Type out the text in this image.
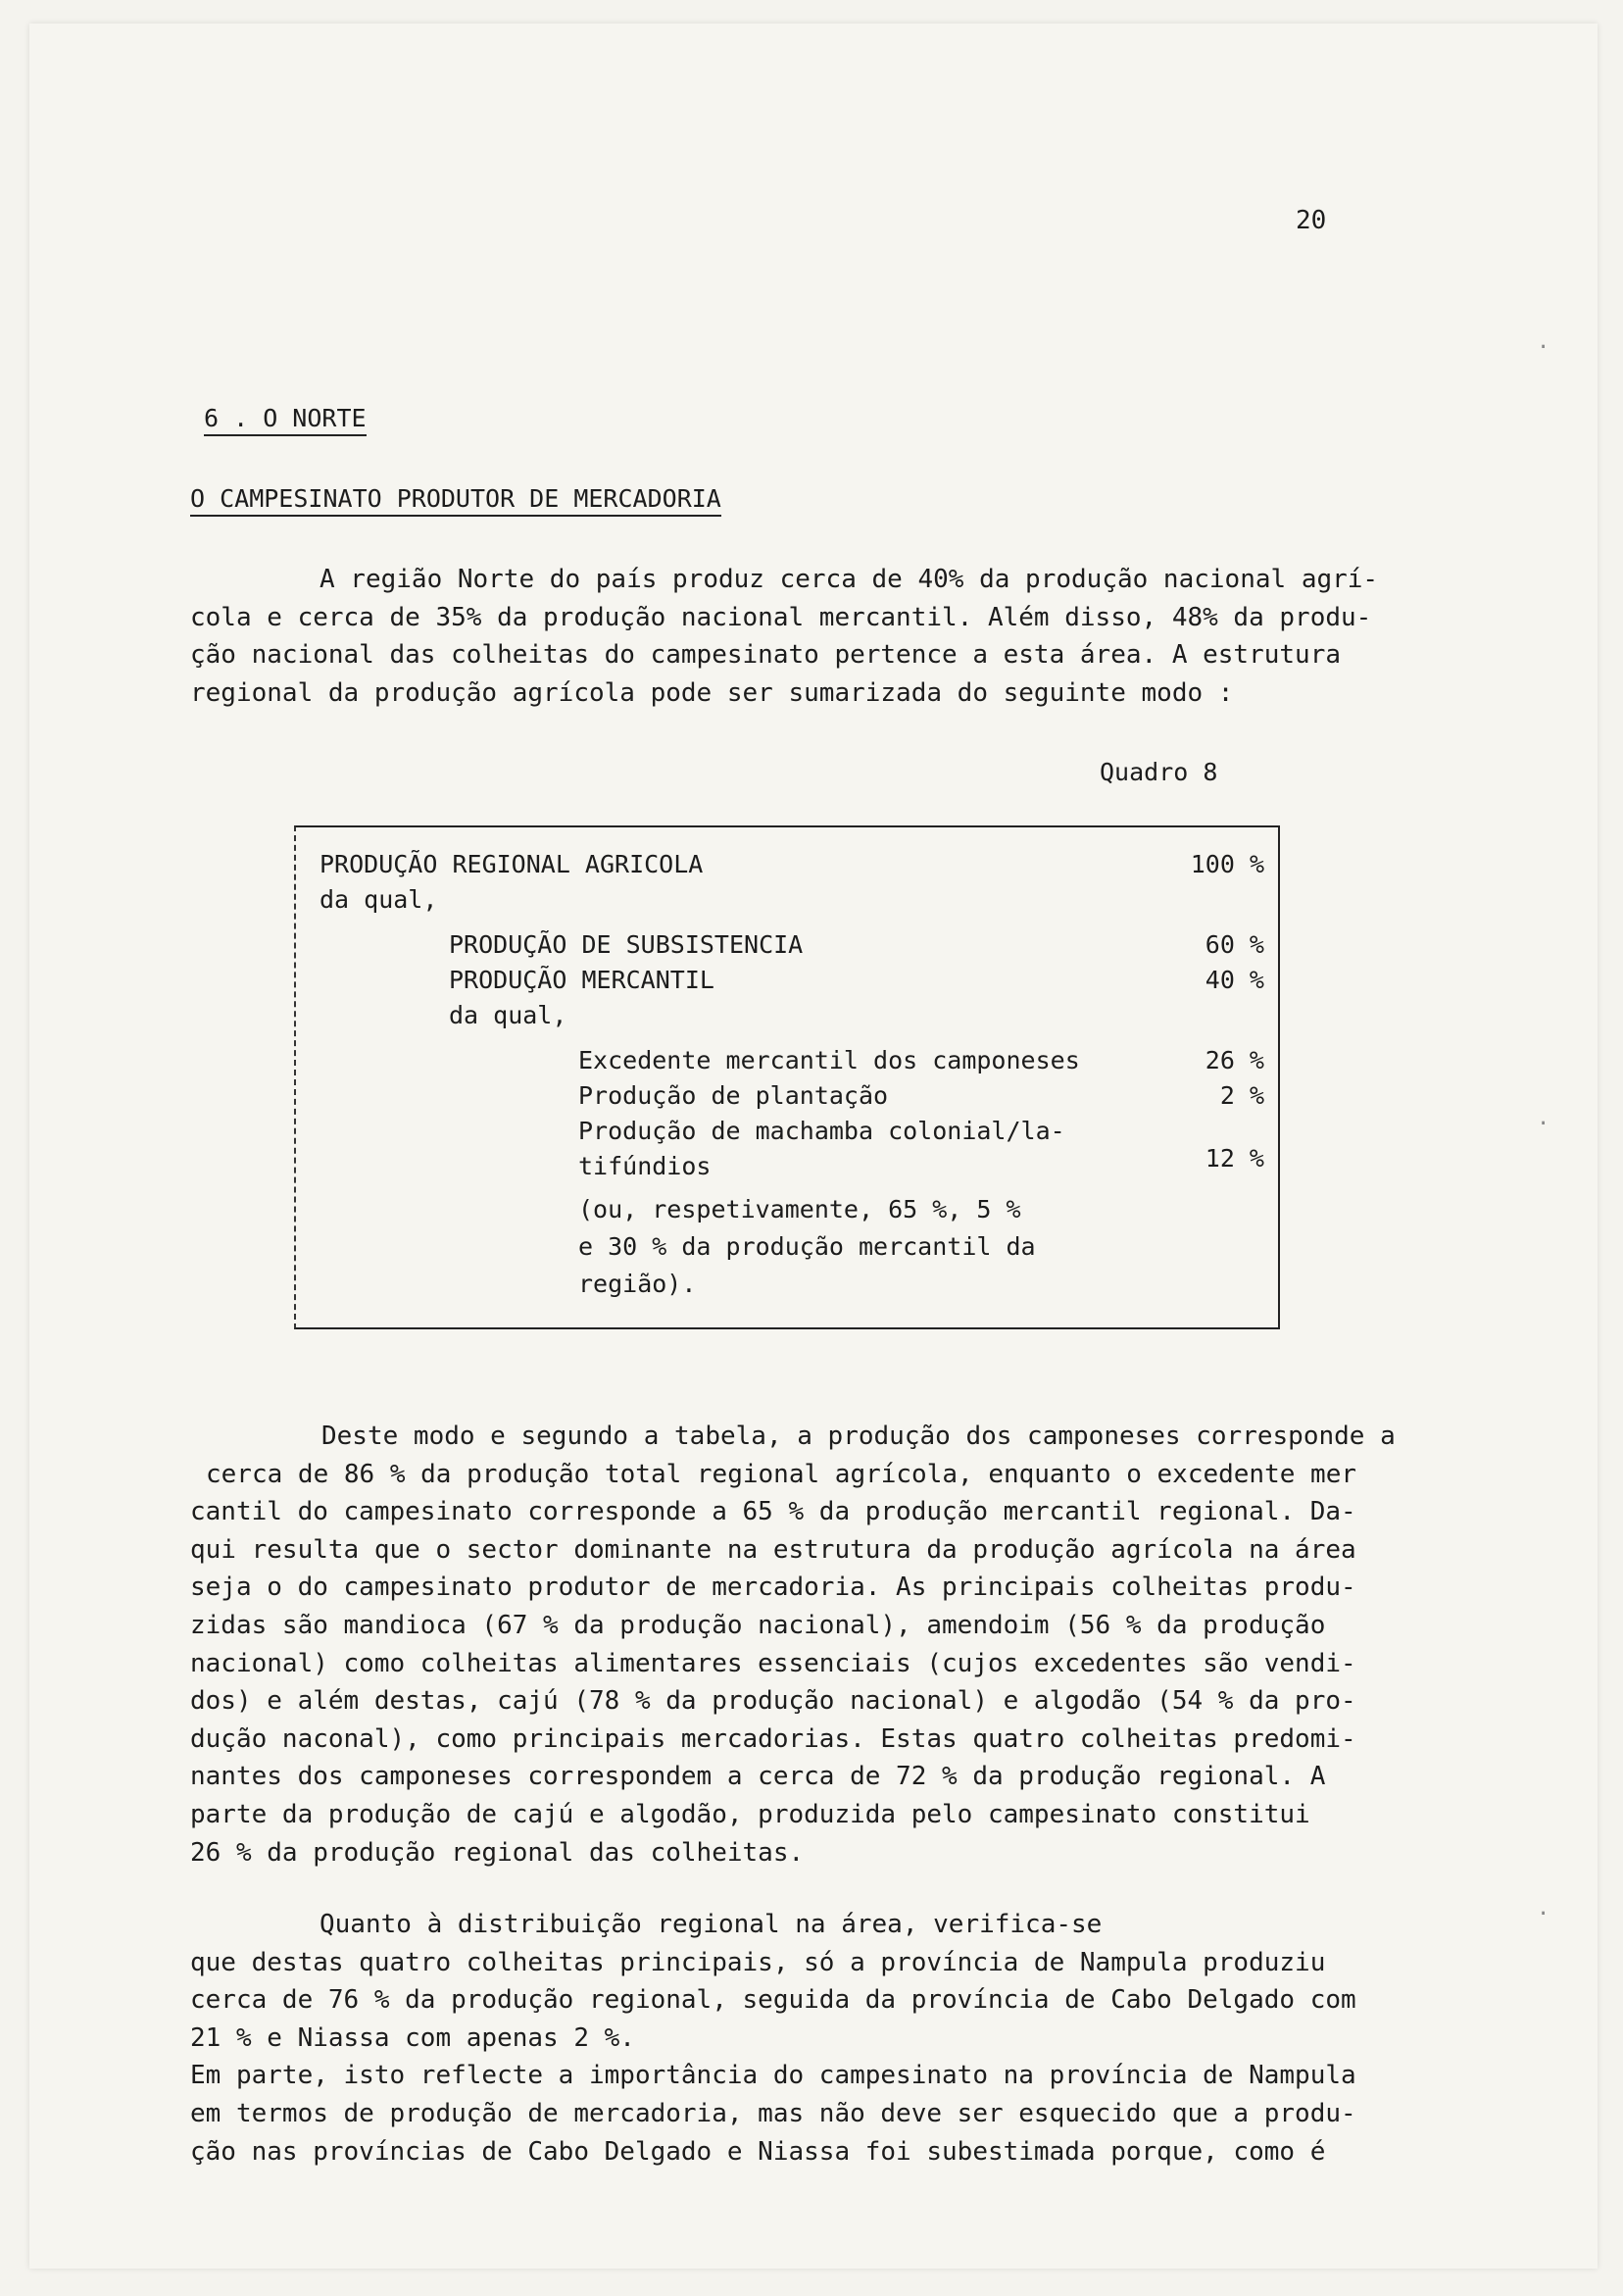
20
6 . O NORTE
O CAMPESINATO PRODUTOR DE MERCADORIA
A região Norte do país produz cerca de 40% da produção nacional agrí-
cola e cerca de 35% da produção nacional mercantil. Além disso, 48% da produ-
ção nacional das colheitas do campesinato pertence a esta área. A estrutura
regional da produção agrícola pode ser sumarizada do seguinte modo :
Quadro 8
PRODUÇÃO REGIONAL AGRICOLA	100 %
da qual,
PRODUÇÃO DE SUBSISTENCIA	60 %
PRODUÇÃO MERCANTIL	40 %
da qual,
Excedente mercantil dos camponeses	26 %
Produção de plantação	2 %
Produção de machamba colonial/la-
tifúndios	12 %
(ou, respetivamente, 65 %, 5 %
e 30 % da produção mercantil da
região).
Deste modo e segundo a tabela, a produção dos camponeses corresponde a
cerca de 86 % da produção total regional agrícola, enquanto o excedente mer
cantil do campesinato corresponde a 65 % da produção mercantil regional. Da-
qui resulta que o sector dominante na estrutura da produção agrícola na área
seja o do campesinato produtor de mercadoria. As principais colheitas produ-
zidas são mandioca (67 % da produção nacional), amendoim (56 % da produção
nacional) como colheitas alimentares essenciais (cujos excedentes são vendi-
dos) e além destas, cajú (78 % da produção nacional) e algodão (54 % da pro-
dução naconal), como principais mercadorias. Estas quatro colheitas predomi-
nantes dos camponeses correspondem a cerca de 72 % da produção regional. A
parte da produção de cajú e algodão, produzida pelo campesinato constitui
26 % da produção regional das colheitas.
Quanto à distribuição regional na área, verifica-se
que destas quatro colheitas principais, só a província de Nampula produziu
cerca de 76 % da produção regional, seguida da província de Cabo Delgado com
21 % e Niassa com apenas 2 %.
Em parte, isto reflecte a importância do campesinato na província de Nampula
em termos de produção de mercadoria, mas não deve ser esquecido que a produ-
ção nas províncias de Cabo Delgado e Niassa foi subestimada porque, como é
·
·
·
